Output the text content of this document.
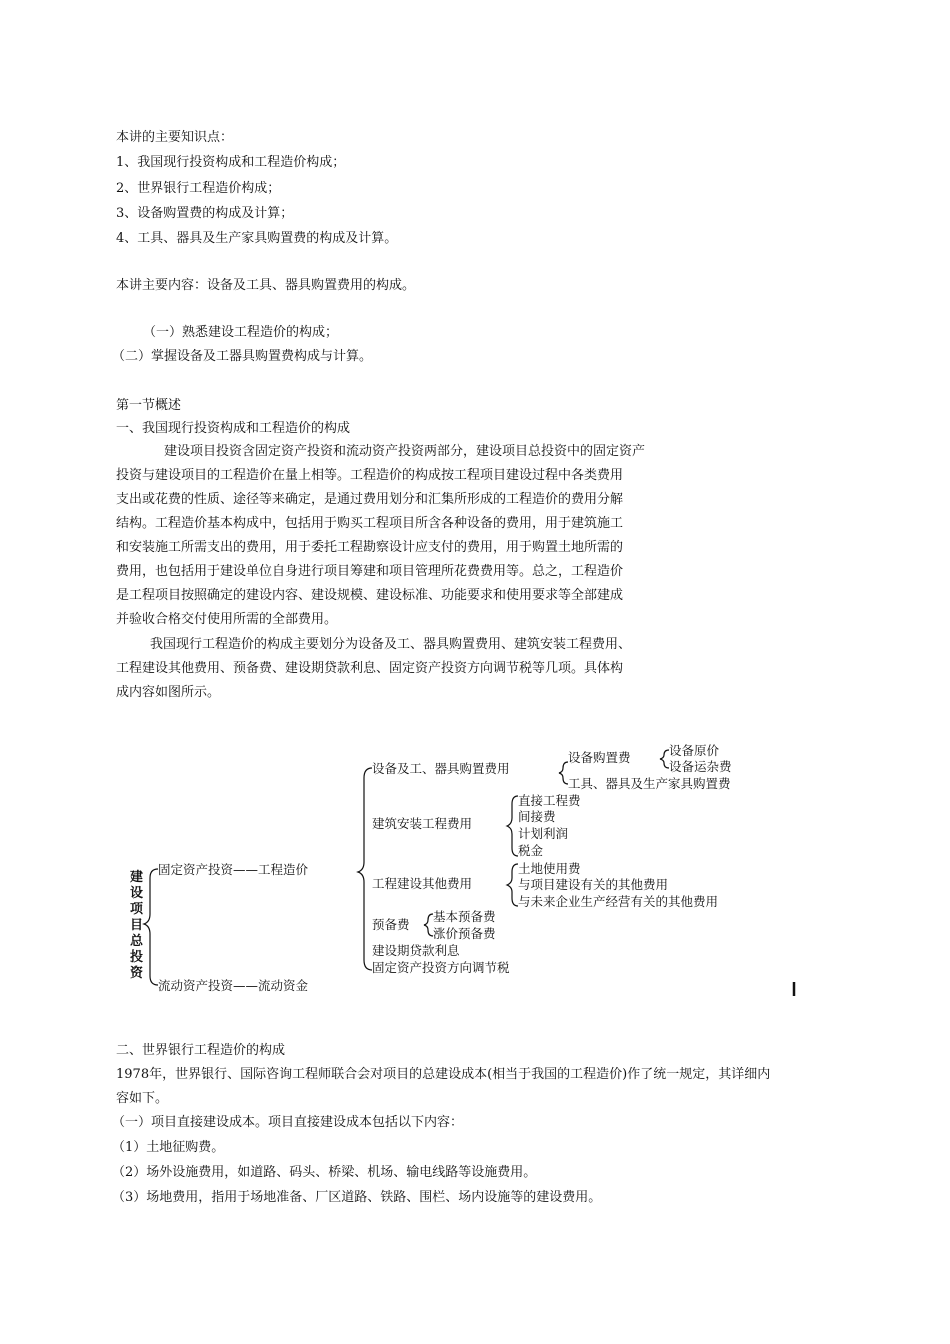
本讲的主要知识点：
1、我国现行投资构成和工程造价构成；
2、世界银行工程造价构成；
3、设备购置费的构成及计算；
4、工具、器具及生产家具购置费的构成及计算。
本讲主要内容：设备及工具、器具购置费用的构成。
（一）熟悉建设工程造价的构成；
（二）掌握设备及工器具购置费构成与计算。
第一节概述
一、我国现行投资构成和工程造价的构成
建设项目投资含固定资产投资和流动资产投资两部分，建设项目总投资中的固定资产
投资与建设项目的工程造价在量上相等。工程造价的构成按工程项目建设过程中各类费用
支出或花费的性质、途径等来确定，是通过费用划分和汇集所形成的工程造价的费用分解
结构。工程造价基本构成中，包括用于购买工程项目所含各种设备的费用，用于建筑施工
和安装施工所需支出的费用，用于委托工程勘察设计应支付的费用，用于购置土地所需的
费用，也包括用于建设单位自身进行项目筹建和项目管理所花费费用等。总之，工程造价
是工程项目按照确定的建设内容、建设规模、建设标准、功能要求和使用要求等全部建成
并验收合格交付使用所需的全部费用。
我国现行工程造价的构成主要划分为设备及工、器具购置费用、建筑安装工程费用、
工程建设其他费用、预备费、建设期贷款利息、固定资产投资方向调节税等几项。具体构
成内容如图所示。
建
设
项
目
总
投
资
固定资产投资——工程造价
流动资产投资——流动资金
设备及工、器具购置费用
设备购置费	设备原价
设备运杂费
工具、器具及生产家具购置费
建筑安装工程费用
直接工程费
间接费
计划利润
税金
工程建设其他费用
土地使用费
与项目建设有关的其他费用
与未来企业生产经营有关的其他费用
预备费
基本预备费
涨价预备费
建设期贷款利息
固定资产投资方向调节税
二、世界银行工程造价的构成
1978年，世界银行、国际咨询工程师联合会对项目的总建设成本(相当于我国的工程造价)作了统一规定，其详细内
容如下。
（一）项目直接建设成本。项目直接建设成本包括以下内容：
（1）土地征购费。
（2）场外设施费用，如道路、码头、桥梁、机场、输电线路等设施费用。
（3）场地费用，指用于场地准备、厂区道路、铁路、围栏、场内设施等的建设费用。
